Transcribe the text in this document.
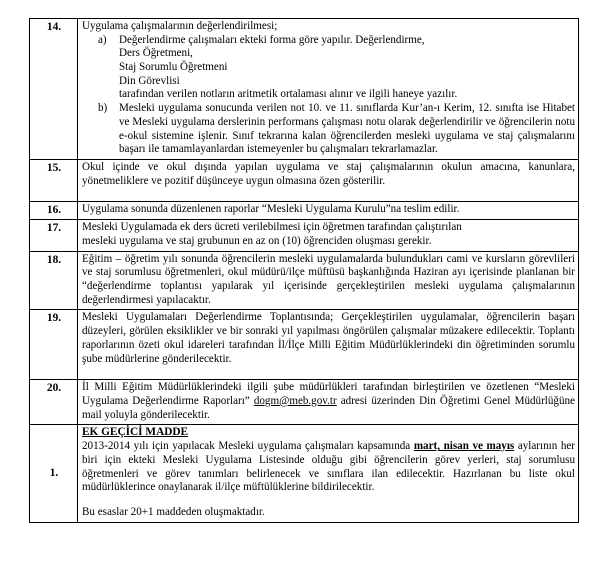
14.	Uygulama çalışmalarının değerlendirilmesi;
a)	Değerlendirme çalışmaları ekteki forma göre yapılır. Değerlendirme,
Ders Öğretmeni,
Staj Sorumlu Öğretmeni
Din Görevlisi
tarafından verilen notların aritmetik ortalaması alınır ve ilgili haneye yazılır.
b)	Mesleki uygulama sonucunda verilen not 10. ve 11. sınıflarda Kur’an-ı Kerim, 12. sınıfta ise Hitabet ve Mesleki uygulama derslerinin performans çalışması notu olarak değerlendirilir ve öğrencilerin notu e-okul sistemine işlenir. Sınıf tekrarına kalan öğrencilerden mesleki uygulama ve staj çalışmalarını başarı ile tamamlayanlardan istemeyenler bu çalışmaları tekrarlamazlar.

15.	Okul içinde ve okul dışında yapılan uygulama ve staj çalışmalarının okulun amacına, kanunlara, yönetmeliklere ve pozitif düşünceye uygun olmasına özen gösterilir.

16.	Uygulama sonunda düzenlenen raporlar “Mesleki Uygulama Kurulu”na teslim edilir.

17.	Mesleki Uygulamada ek ders ücreti verilebilmesi için öğretmen tarafından çalıştırılan
mesleki uygulama ve staj grubunun en az on (10) öğrenciden oluşması gerekir.

18.	Eğitim – öğretim yılı sonunda öğrencilerin mesleki uygulamalarda bulundukları cami ve kursların görevlileri ve staj sorumlusu öğretmenleri, okul müdürü/ilçe müftüsü başkanlığında Haziran ayı içerisinde planlanan bir “değerlendirme toplantısı yapılarak yıl içerisinde gerçekleştirilen mesleki uygulama çalışmalarının değerlendirmesi yapılacaktır.
19.	Mesleki Uygulamaları Değerlendirme Toplantısında; Gerçekleştirilen uygulamalar, öğrencilerin başarı düzeyleri, görülen eksiklikler ve bir sonraki yıl yapılması öngörülen çalışmalar müzakere edilecektir. Toplantı raporlarının özeti okul idareleri tarafından İl/İlçe Milli Eğitim Müdürlüklerindeki din öğretiminden sorumlu şube müdürlerine gönderilecektir.

20.	İl Milli Eğitim Müdürlüklerindeki ilgili şube müdürlükleri tarafından birleştirilen ve özetlenen “Mesleki Uygulama Değerlendirme Raporları” dogm@meb.gov.tr adresi üzerinden Din Öğretimi Genel Müdürlüğüne mail yoluyla gönderilecektir.
1.	EK GEÇİCİ MADDE
2013-2014 yılı için yapılacak Mesleki uygulama çalışmaları kapsamında mart, nisan ve mayıs aylarının her biri için ekteki Mesleki Uygulama Listesinde olduğu gibi öğrencilerin görev yerleri, staj sorumlusu öğretmenleri ve görev tanımları belirlenecek ve sınıflara ilan edilecektir. Hazırlanan bu liste okul müdürlüklerince onaylanarak il/ilçe müftülüklerine bildirilecektir.
Bu esaslar 20+1 maddeden oluşmaktadır.
